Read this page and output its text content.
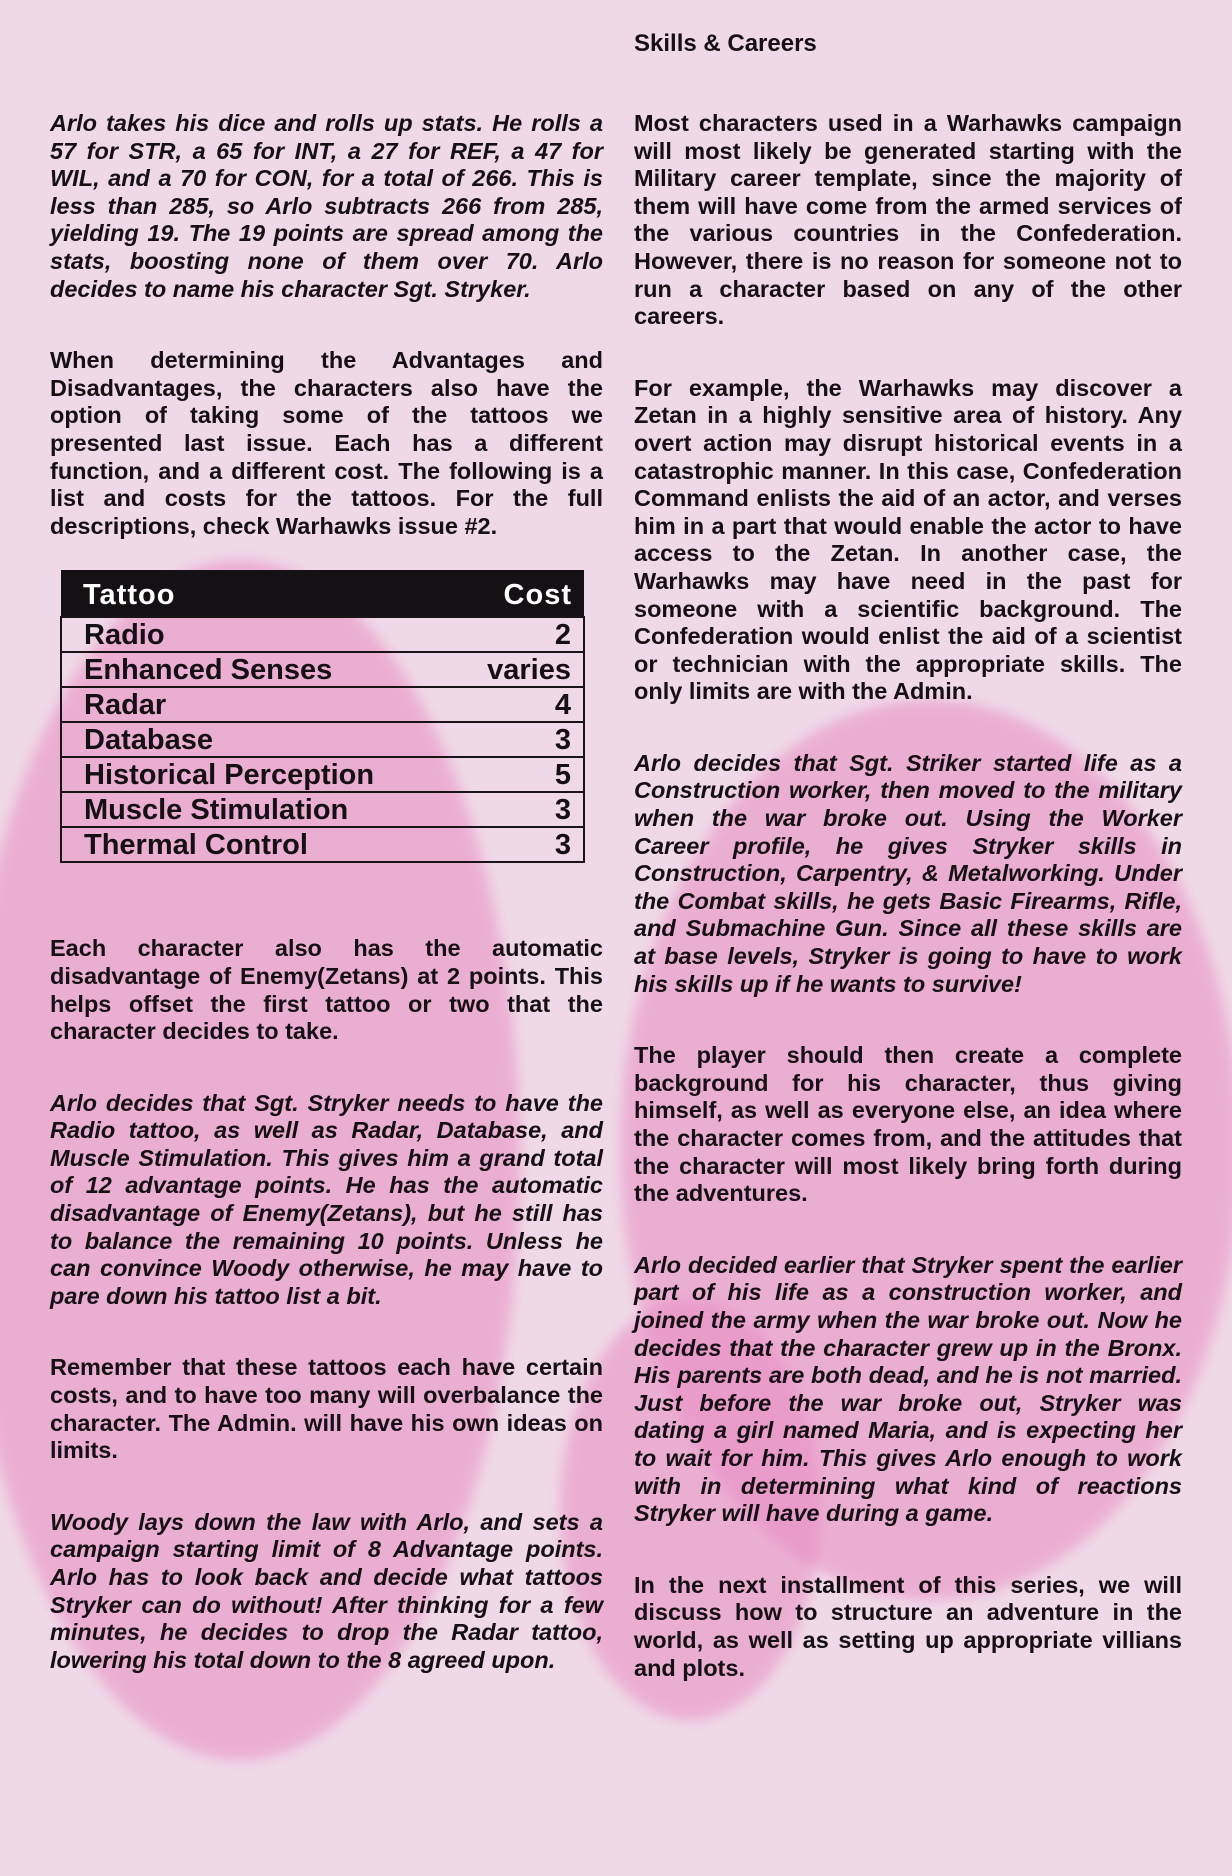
Skills & Careers

Arlo takes his dice and rolls up stats. He rolls a 57 for STR, a 65 for INT, a 27 for REF, a 47 for WIL, and a 70 for CON, for a total of 266. This is less than 285, so Arlo subtracts 266 from 285, yielding 19. The 19 points are spread among the stats, boosting none of them over 70. Arlo decides to name his character Sgt. Stryker.

When determining the Advantages and Disadvantages, the characters also have the option of taking some of the tattoos we presented last issue. Each has a different function, and a different cost. The following is a list and costs for the tattoos. For the full descriptions, check Warhawks issue #2.

Tattoo	Cost
Radio	2
Enhanced Senses	varies
Radar	4
Database	3
Historical Perception	5
Muscle Stimulation	3
Thermal Control	3

Each character also has the automatic disadvantage of Enemy(Zetans) at 2 points. This helps offset the first tattoo or two that the character decides to take.

Arlo decides that Sgt. Stryker needs to have the Radio tattoo, as well as Radar, Database, and Muscle Stimulation. This gives him a grand total of 12 advantage points. He has the automatic disadvantage of Enemy(Zetans), but he still has to balance the remaining 10 points. Unless he can convince Woody otherwise, he may have to pare down his tattoo list a bit.

Remember that these tattoos each have certain costs, and to have too many will overbalance the character. The Admin. will have his own ideas on limits.

Woody lays down the law with Arlo, and sets a campaign starting limit of 8 Advantage points. Arlo has to look back and decide what tattoos Stryker can do without! After thinking for a few minutes, he decides to drop the Radar tattoo, lowering his total down to the 8 agreed upon.

Most characters used in a Warhawks campaign will most likely be generated starting with the Military career template, since the majority of them will have come from the armed services of the various countries in the Confederation. However, there is no reason for someone not to run a character based on any of the other careers.

For example, the Warhawks may discover a Zetan in a highly sensitive area of history. Any overt action may disrupt historical events in a catastrophic manner. In this case, Confederation Command enlists the aid of an actor, and verses him in a part that would enable the actor to have access to the Zetan. In another case, the Warhawks may have need in the past for someone with a scientific background. The Confederation would enlist the aid of a scientist or technician with the appropriate skills. The only limits are with the Admin.

Arlo decides that Sgt. Striker started life as a Construction worker, then moved to the military when the war broke out. Using the Worker Career profile, he gives Stryker skills in Construction, Carpentry, & Metalworking. Under the Combat skills, he gets Basic Firearms, Rifle, and Submachine Gun. Since all these skills are at base levels, Stryker is going to have to work his skills up if he wants to survive!

The player should then create a complete background for his character, thus giving himself, as well as everyone else, an idea where the character comes from, and the attitudes that the character will most likely bring forth during the adventures.

Arlo decided earlier that Stryker spent the earlier part of his life as a construction worker, and joined the army when the war broke out. Now he decides that the character grew up in the Bronx. His parents are both dead, and he is not married. Just before the war broke out, Stryker was dating a girl named Maria, and is expecting her to wait for him. This gives Arlo enough to work with in determining what kind of reactions Stryker will have during a game.

In the next installment of this series, we will discuss how to structure an adventure in the world, as well as setting up appropriate villians and plots.
